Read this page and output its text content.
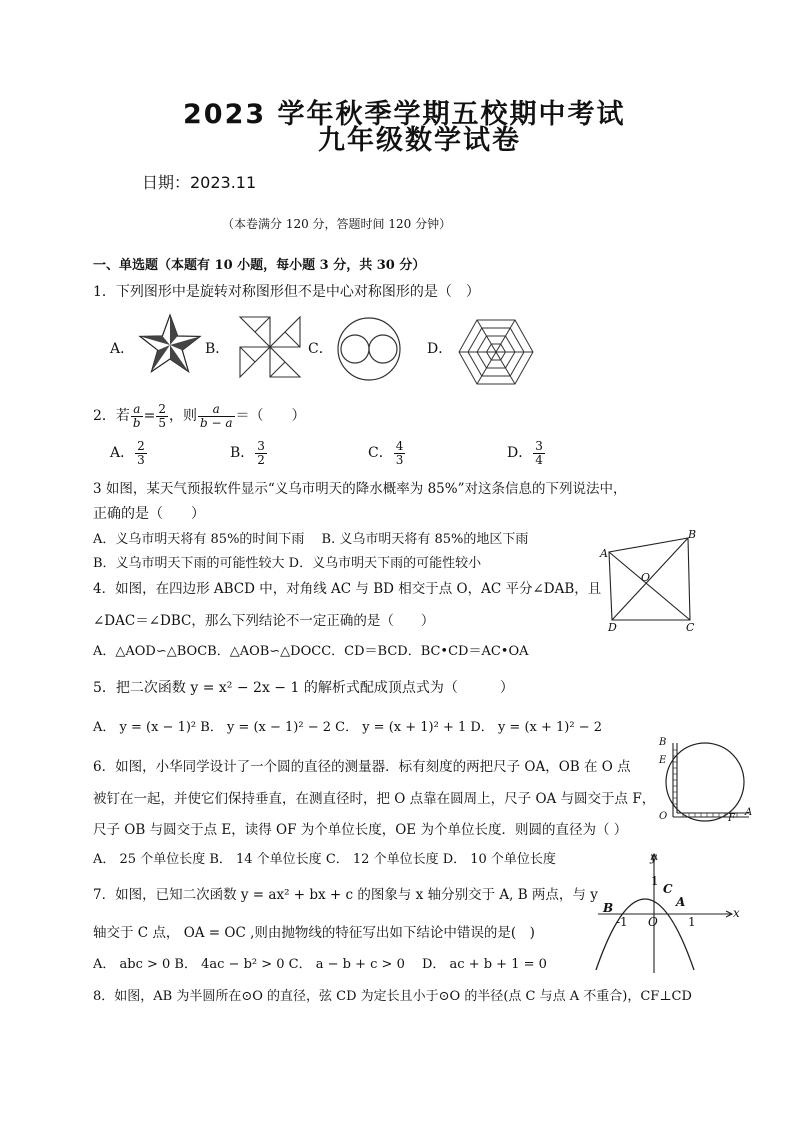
2023 学年秋季学期五校期中考试
九年级数学试卷
日期：2023.11
（本卷满分 120 分，答题时间 120 分钟）
一、单选题（本题有 10 小题，每小题 3 分，共 30 分）
1．下列图形中是旋转对称图形但不是中心对称图形的是（　）
A．	B．	C．	D．
2．若 $\frac{a}{b} = \frac{2}{5}$ ，则 $\frac{a}{b - a}$ ＝（　　）
A． $\frac{2}{3}$	B． $\frac{3}{2}$	C． $\frac{4}{3}$	D． $\frac{3}{4}$
3 如图，某天气预报软件显示“义乌市明天的降水概率为 85%”对这条信息的下列说法中，
正确的是（　　）
A．义乌市明天将有 85%的时间下雨　 B. 义乌市明天将有 85%的地区下雨
B．义乌市明天下雨的可能性较大 D．义乌市明天下雨的可能性较小
4．如图，在四边形 ABCD 中，对角线 AC 与 BD 相交于点 O，AC 平分∠DAB，且
∠DAC＝∠DBC，那么下列结论不一定正确的是（　　）
A．△AOD∽△BOCB．△AOB∽△DOCC．CD＝BCD．BC•CD＝AC•OA
A
B
C
D
O
5．把二次函数 y = x² − 2x − 1 的解析式配成顶点式为（　　　）
A． y = (x − 1)² B． y = (x − 1)² − 2 C． y = (x + 1)² + 1 D． y = (x + 1)² − 2
6．如图，小华同学设计了一个圆的直径的测量器．标有刻度的两把尺子 OA，OB 在 O 点
被钉在一起，并使它们保持垂直，在测直径时，把 O 点靠在圆周上，尺子 OA 与圆交于点 F，
尺子 OB 与圆交于点 E，读得 OF 为个单位长度，OE 为个单位长度．则圆的直径为（ ）
A． 25 个单位长度 B． 14 个单位长度 C． 12 个单位长度 D． 10 个单位长度
B
E
O	F
A
7．如图，已知二次函数 y = ax² + bx + c 的图象与 x 轴分别交于 A, B 两点，与 y
轴交于 C 点， OA = OC ,则由抛物线的特征写出如下结论中错误的是(　)
A． abc > 0 B． 4ac − b² > 0 C． a − b + c > 0 　D． ac + b + 1 = 0
y
x
1
C
B	A
-1 O	1
8．如图，AB 为半圆所在⊙O 的直径，弦 CD 为定长且小于⊙O 的半径(点 C 与点 A 不重合)，CF⊥CD
